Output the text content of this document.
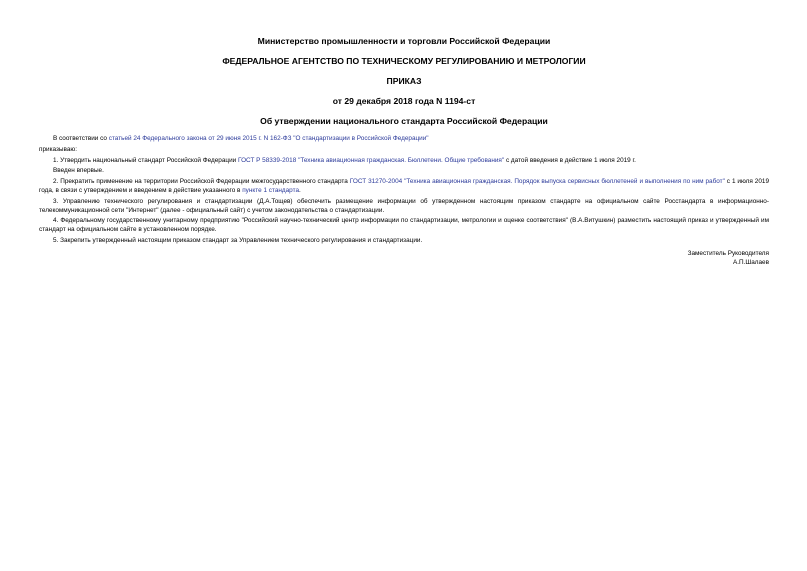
Министерство промышленности и торговли Российской Федерации

ФЕДЕРАЛЬНОЕ АГЕНТСТВО ПО ТЕХНИЧЕСКОМУ РЕГУЛИРОВАНИЮ И МЕТРОЛОГИИ

ПРИКАЗ

от 29 декабря 2018 года N 1194-ст

Об утверждении национального стандарта Российской Федерации

В соответствии со статьей 24 Федерального закона от 29 июня 2015 г. N 162-ФЗ "О стандартизации в Российской Федерации"

приказываю:

1. Утвердить национальный стандарт Российской Федерации ГОСТ Р 58339-2018 "Техника авиационная гражданская. Бюллетени. Общие требования" с датой введения в действие 1 июля 2019 г.

Введен впервые.

2. Прекратить применение на территории Российской Федерации межгосударственного стандарта ГОСТ 31270-2004 "Техника авиационная гражданская. Порядок выпуска сервисных бюллетеней и выполнения по ним работ" с 1 июля 2019 года, в связи с утверждением и введением в действие указанного в пункте 1 стандарта.

3. Управлению технического регулирования и стандартизации (Д.А.Тощев) обеспечить размещение информации об утвержденном настоящим приказом стандарте на официальном сайте Росстандарта в информационно-телекоммуникационной сети "Интернет" (далее - официальный сайт) с учетом законодательства о стандартизации.

4. Федеральному государственному унитарному предприятию "Российский научно-технический центр информации по стандартизации, метрологии и оценке соответствия" (В.А.Витушкин) разместить настоящий приказ и утвержденный им стандарт на официальном сайте в установленном порядке.

5. Закрепить утвержденный настоящим приказом стандарт за Управлением технического регулирования и стандартизации.

Заместитель Руководителя
А.П.Шалаев
